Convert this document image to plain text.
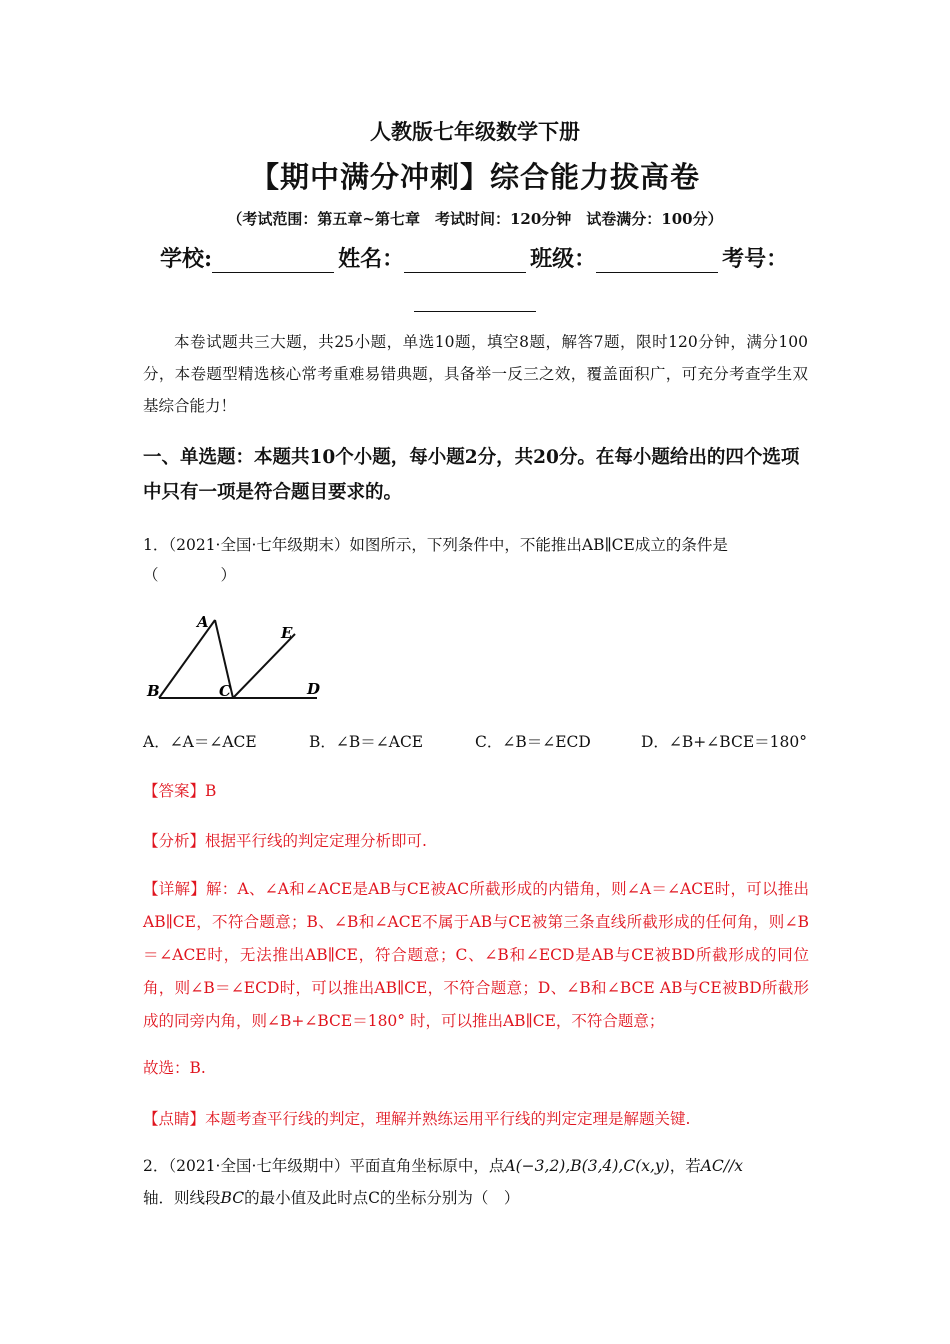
人教版七年级数学下册
【期中满分冲刺】综合能力拔高卷
（考试范围：第五章~第七章　考试时间：120分钟　试卷满分：100分）
学校:	姓名：	班级：	考号：
本卷试题共三大题，共25小题，单选10题，填空8题，解答7题，限时120分钟，满分100分，本卷题型精选核心常考重难易错典题，具备举一反三之效，覆盖面积广，可充分考查学生双基综合能力！
一、单选题：本题共10个小题，每小题2分，共20分。在每小题给出的四个选项中只有一项是符合题目要求的。
1．（2021·全国·七年级期末）如图所示，下列条件中，不能推出AB∥CE成立的条件是（　　　　）
A
B	C	D
E
A．∠A＝∠ACE	B．∠B＝∠ACE	C．∠B＝∠ECD	D．∠B+∠BCE＝180°
【答案】B
【分析】根据平行线的判定定理分析即可.
【详解】解：A、∠A和∠ACE是AB与CE被AC所截形成的内错角，则∠A＝∠ACE时，可以推出AB∥CE，不符合题意；B、∠B和∠ACE不属于AB与CE被第三条直线所截形成的任何角，则∠B＝∠ACE时，无法推出AB∥CE，符合题意；C、∠B和∠ECD是AB与CE被BD所截形成的同位角，则∠B＝∠ECD时，可以推出AB∥CE，不符合题意；D、∠B和∠BCE AB与CE被BD所截形成的同旁内角，则∠B+∠BCE＝180° 时，可以推出AB∥CE，不符合题意；
故选：B.
【点睛】本题考查平行线的判定，理解并熟练运用平行线的判定定理是解题关键.
2．（2021·全国·七年级期中）平面直角坐标原中，点A(−3,2),B(3,4),C(x,y)，若AC//x
轴．则线段BC的最小值及此时点C的坐标分别为（　）
